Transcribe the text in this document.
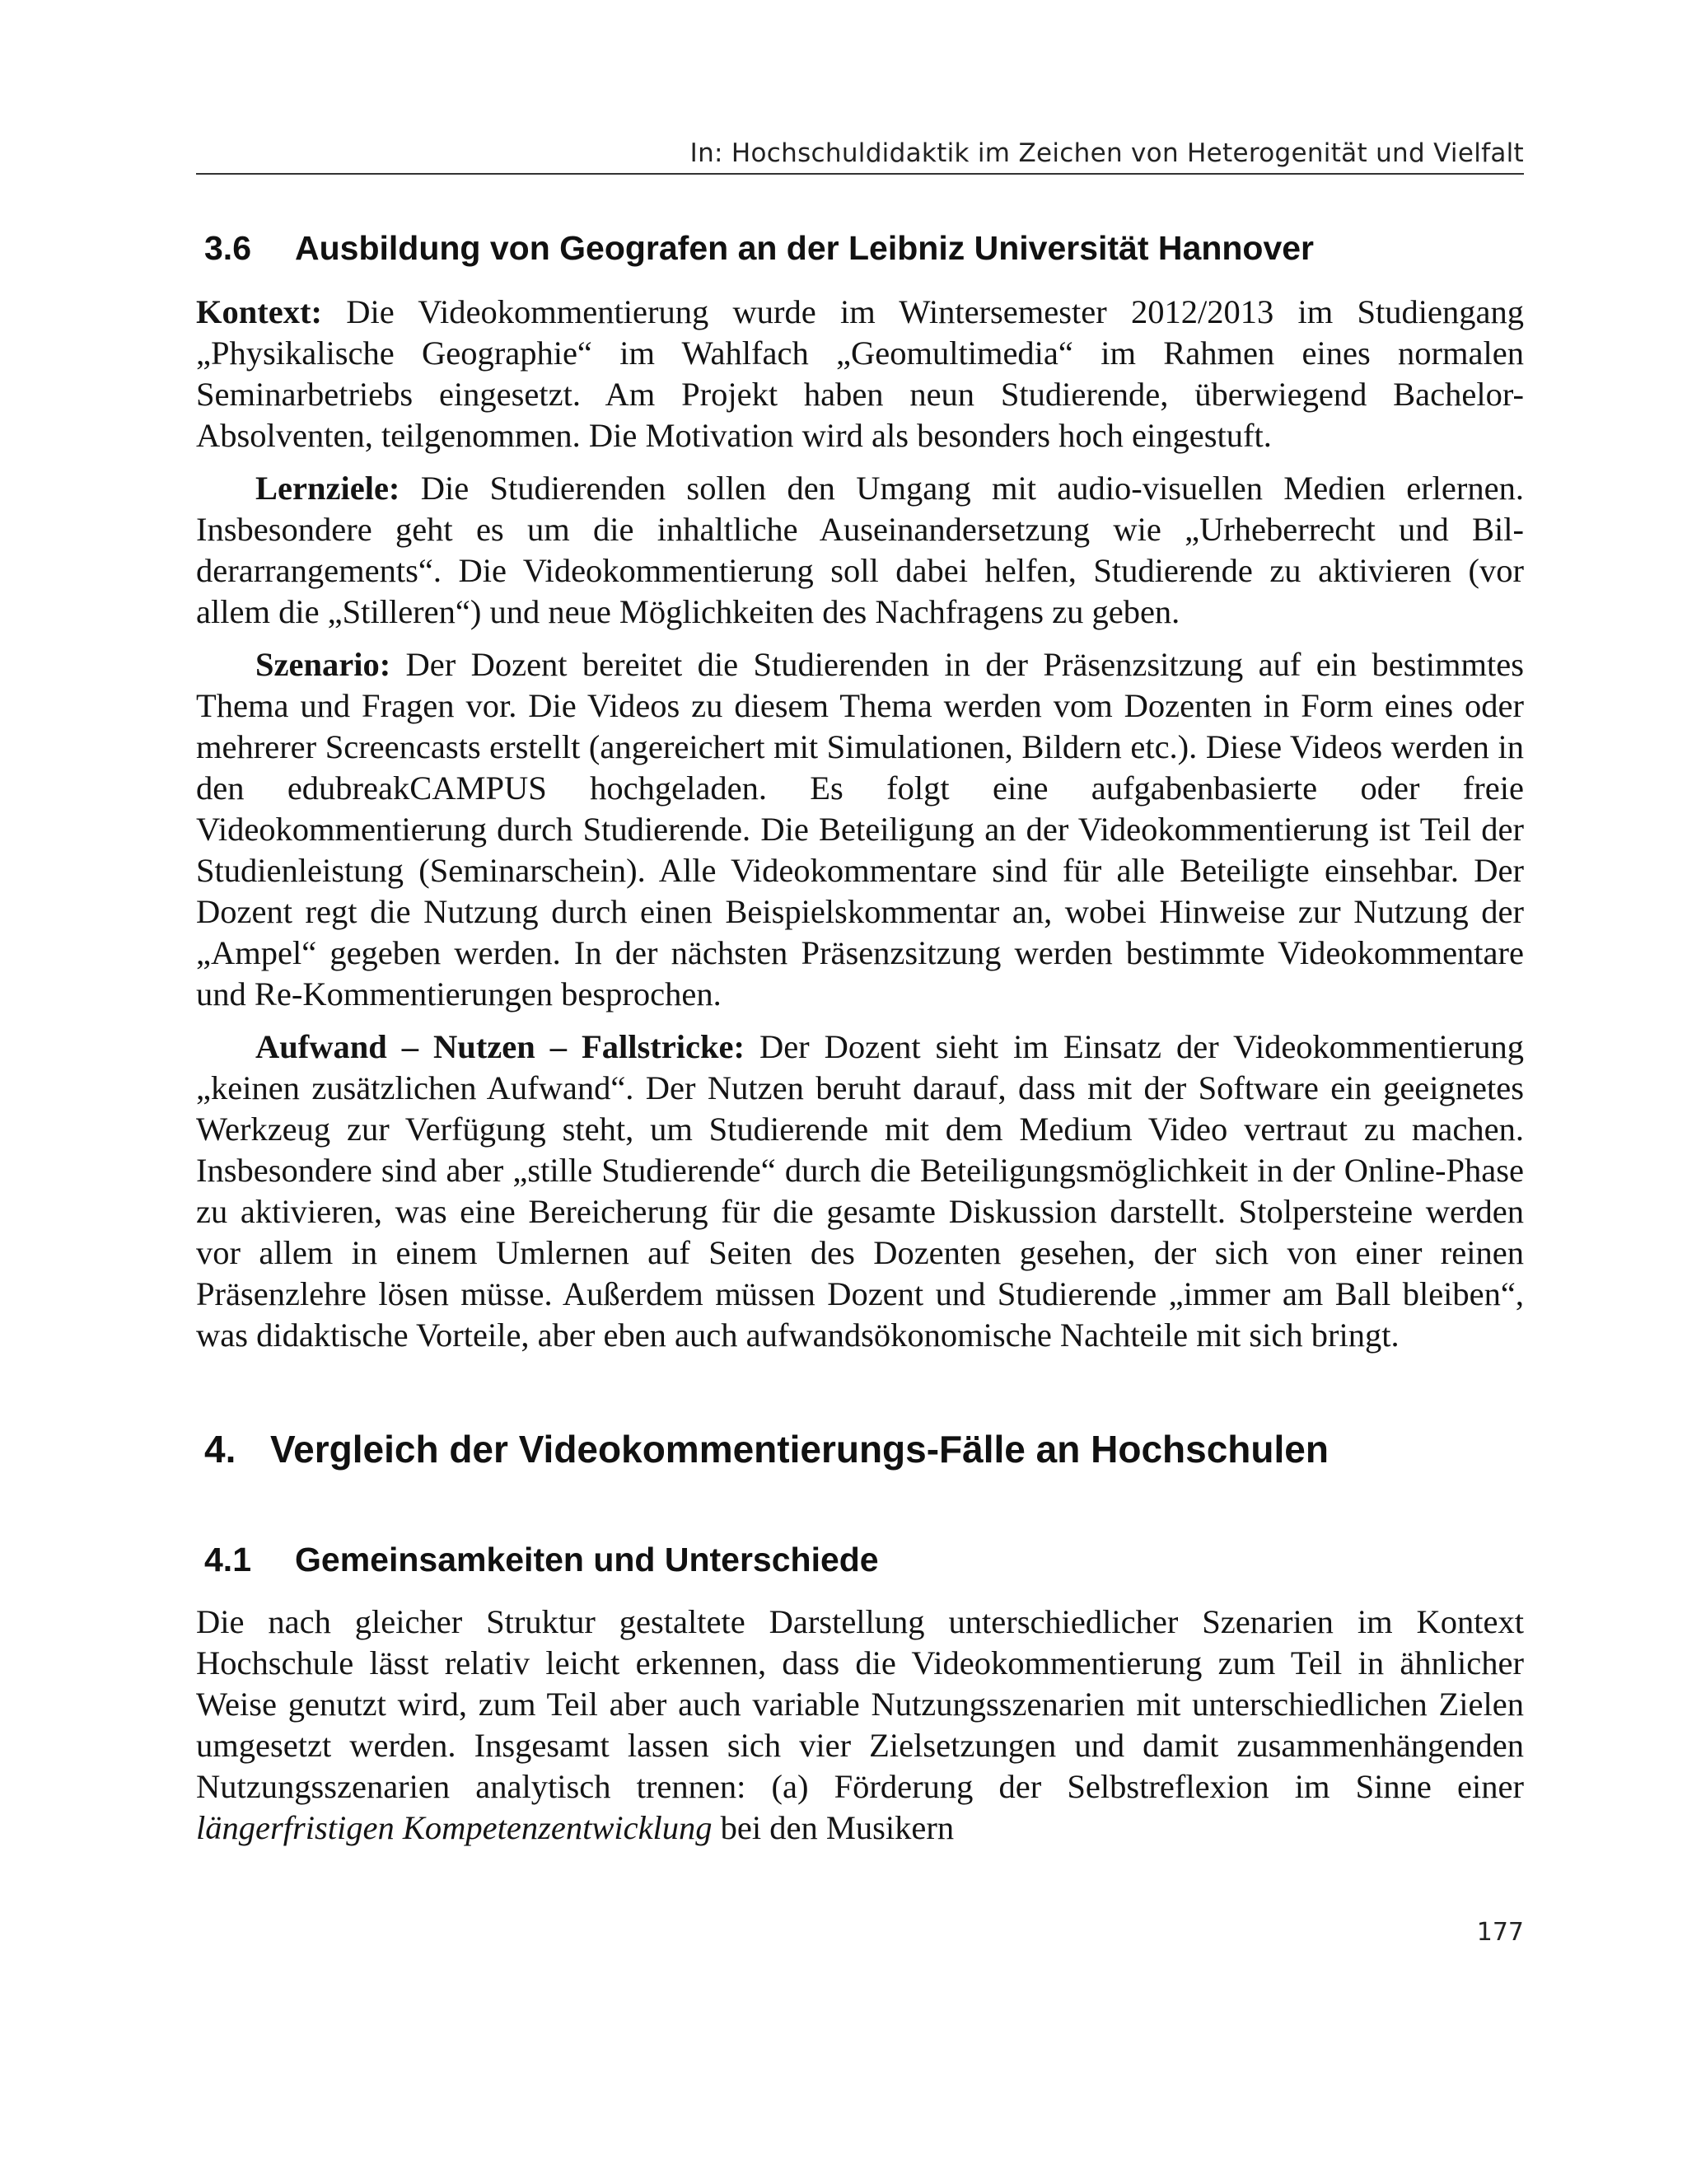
In: Hochschuldidaktik im Zeichen von Heterogenität und Vielfalt
3.6 Ausbildung von Geografen an der Leibniz Universität Hannover

Kontext: Die Videokommentierung wurde im Wintersemester 2012/2013 im Studiengang „Physikalische Geographie“ im Wahlfach „Geomultimedia“ im Rahmen eines normalen Seminarbetriebs eingesetzt. Am Projekt haben neun Studierende, überwiegend Bachelor-Absolventen, teilgenommen. Die Motivation wird als besonders hoch eingestuft.

Lernziele: Die Studierenden sollen den Umgang mit audio-visuellen Medien erlernen. Insbesondere geht es um die inhaltliche Auseinandersetzung wie „Urheberrecht und Bilderarrangements“. Die Videokommentierung soll dabei helfen, Studierende zu aktivieren (vor allem die „Stilleren“) und neue Möglichkeiten des Nachfragens zu geben.

Szenario: Der Dozent bereitet die Studierenden in der Präsenzsitzung auf ein bestimmtes Thema und Fragen vor. Die Videos zu diesem Thema werden vom Dozenten in Form eines oder mehrerer Screencasts erstellt (angereichert mit Simulationen, Bildern etc.). Diese Videos werden in den edubreakCAMPUS hochgeladen. Es folgt eine aufgabenbasierte oder freie Videokommentierung durch Studierende. Die Beteiligung an der Videokommentierung ist Teil der Studienleistung (Seminarschein). Alle Videokommentare sind für alle Beteiligte einsehbar. Der Dozent regt die Nutzung durch einen Beispielskommentar an, wobei Hinweise zur Nutzung der „Ampel“ gegeben werden. In der nächsten Präsenzsitzung werden bestimmte Videokommentare und Re-Kommentierungen besprochen.

Aufwand – Nutzen – Fallstricke: Der Dozent sieht im Einsatz der Videokommentierung „keinen zusätzlichen Aufwand“. Der Nutzen beruht darauf, dass mit der Software ein geeignetes Werkzeug zur Verfügung steht, um Studierende mit dem Medium Video vertraut zu machen. Insbesondere sind aber „stille Studierende“ durch die Beteiligungsmöglichkeit in der Online-Phase zu aktivieren, was eine Bereicherung für die gesamte Diskussion darstellt. Stolpersteine werden vor allem in einem Umlernen auf Seiten des Dozenten gesehen, der sich von einer reinen Präsenzlehre lösen müsse. Außerdem müssen Dozent und Studierende „immer am Ball bleiben“, was didaktische Vorteile, aber eben auch aufwandsökonomische Nachteile mit sich bringt.

4. Vergleich der Videokommentierungs-Fälle an Hochschulen
4.1 Gemeinsamkeiten und Unterschiede

Die nach gleicher Struktur gestaltete Darstellung unterschiedlicher Szenarien im Kontext Hochschule lässt relativ leicht erkennen, dass die Videokommentierung zum Teil in ähnlicher Weise genutzt wird, zum Teil aber auch variable Nutzungsszenarien mit unterschiedlichen Zielen umgesetzt werden. Insgesamt lassen sich vier Zielsetzungen und damit zusammenhängenden Nutzungsszenarien analytisch trennen: (a) Förderung der Selbstreflexion im Sinne einer längerfristigen Kompetenzentwicklung bei den Musikern

177
